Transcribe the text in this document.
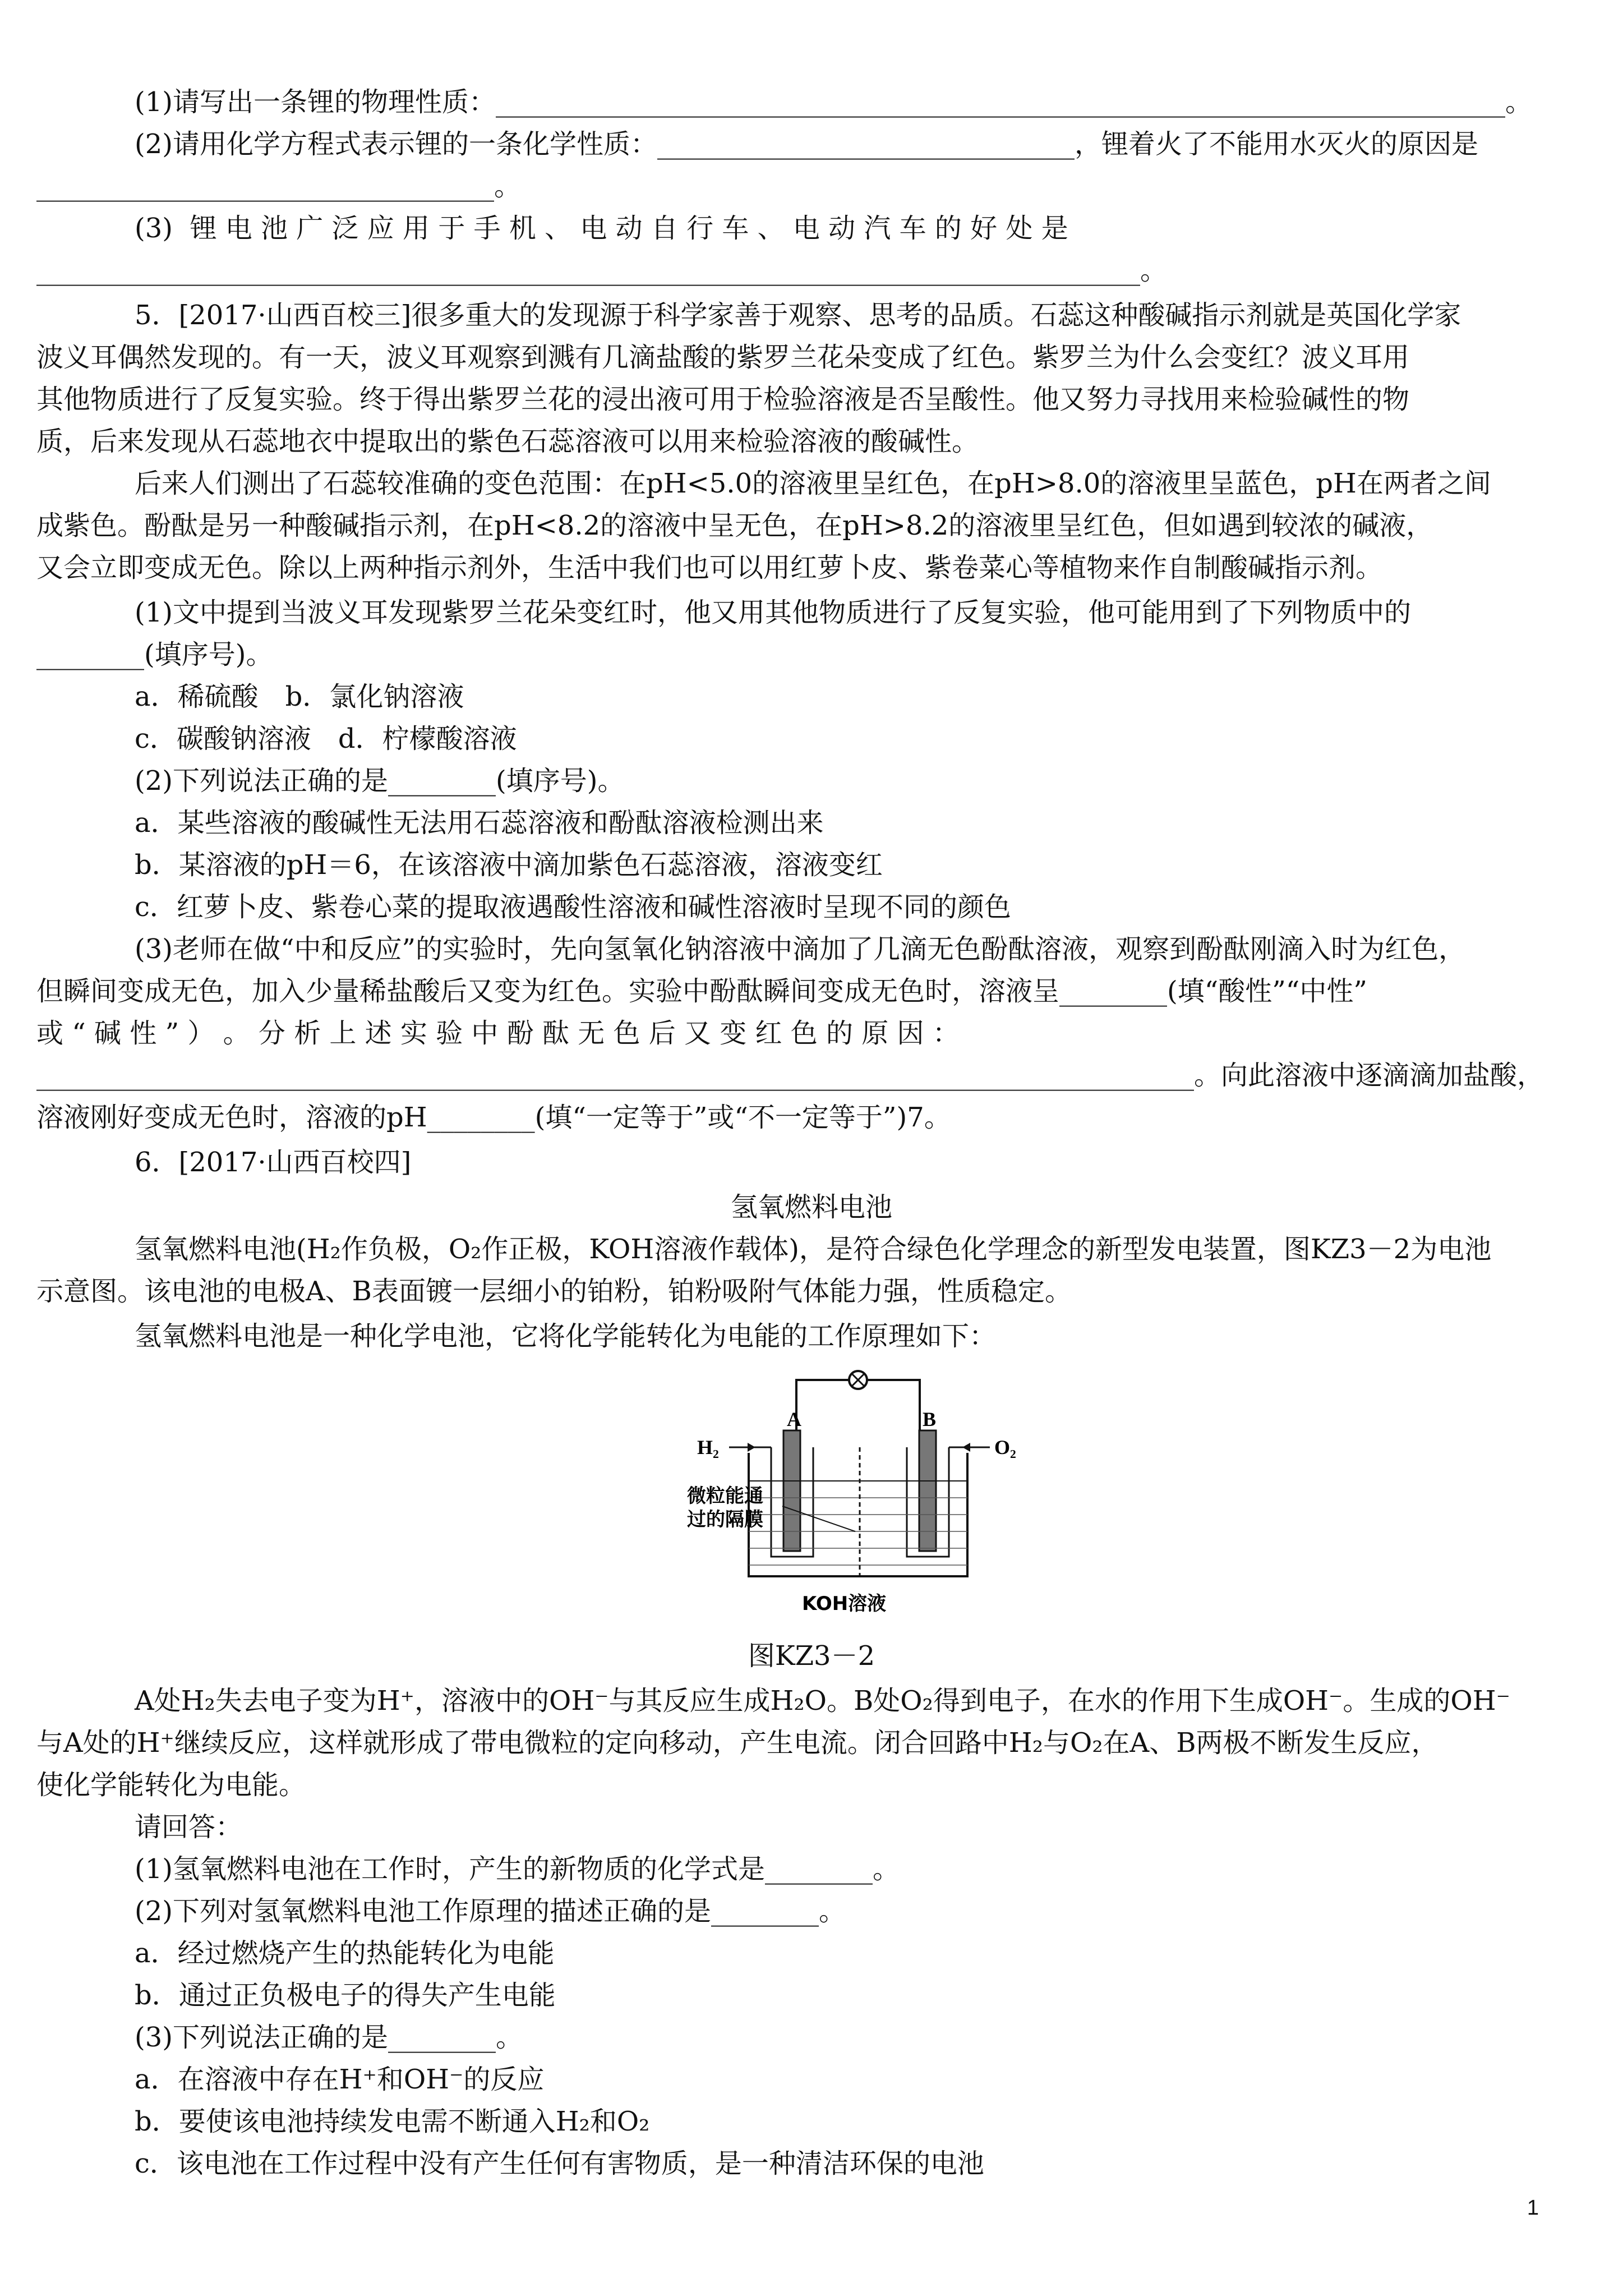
(1)请写出一条锂的物理性质：___________________________________________________________________________。
(2)请用化学方程式表示锂的一条化学性质：_______________________________，锂着火了不能用水灭火的原因是
__________________________________。
(3)  锂 电 池 广 泛 应 用 于 手 机 、 电 动 自 行 车 、 电 动 汽 车 的 好 处 是
__________________________________________________________________________________。
5．[2017·山西百校三]很多重大的发现源于科学家善于观察、思考的品质。石蕊这种酸碱指示剂就是英国化学家
波义耳偶然发现的。有一天，波义耳观察到溅有几滴盐酸的紫罗兰花朵变成了红色。紫罗兰为什么会变红？波义耳用
其他物质进行了反复实验。终于得出紫罗兰花的浸出液可用于检验溶液是否呈酸性。他又努力寻找用来检验碱性的物
质，后来发现从石蕊地衣中提取出的紫色石蕊溶液可以用来检验溶液的酸碱性。
后来人们测出了石蕊较准确的变色范围：在pH<5.0的溶液里呈红色，在pH>8.0的溶液里呈蓝色，pH在两者之间
成紫色。酚酞是另一种酸碱指示剂，在pH<8.2的溶液中呈无色，在pH>8.2的溶液里呈红色，但如遇到较浓的碱液，
又会立即变成无色。除以上两种指示剂外，生活中我们也可以用红萝卜皮、紫卷菜心等植物来作自制酸碱指示剂。
(1)文中提到当波义耳发现紫罗兰花朵变红时，他又用其他物质进行了反复实验，他可能用到了下列物质中的
________(填序号)。
a．稀硫酸　b．氯化钠溶液
c．碳酸钠溶液　d．柠檬酸溶液
(2)下列说法正确的是________(填序号)。
a．某些溶液的酸碱性无法用石蕊溶液和酚酞溶液检测出来
b．某溶液的pH＝6，在该溶液中滴加紫色石蕊溶液，溶液变红
c．红萝卜皮、紫卷心菜的提取液遇酸性溶液和碱性溶液时呈现不同的颜色
(3)老师在做“中和反应”的实验时，先向氢氧化钠溶液中滴加了几滴无色酚酞溶液，观察到酚酞刚滴入时为红色，
但瞬间变成无色，加入少量稀盐酸后又变为红色。实验中酚酞瞬间变成无色时，溶液呈________(填“酸性”“中性”
或 “ 碱 性 ” ） 。 分 析 上 述 实 验 中 酚 酞 无 色 后 又 变 红 色 的 原 因 ：
______________________________________________________________________________________。向此溶液中逐滴滴加盐酸，
溶液刚好变成无色时，溶液的pH________(填“一定等于”或“不一定等于”)7。
6．[2017·山西百校四]
氢氧燃料电池
氢氧燃料电池(H₂作负极，O₂作正极，KOH溶液作载体)，是符合绿色化学理念的新型发电装置，图KZ3－2为电池
示意图。该电池的电极A、B表面镀一层细小的铂粉，铂粉吸附气体能力强，性质稳定。
氢氧燃料电池是一种化学电池，它将化学能转化为电能的工作原理如下：
H₂	O₂
A	B
微粒能通
过的隔膜
KOH溶液
图KZ3－2
A处H₂失去电子变为H⁺，溶液中的OH⁻与其反应生成H₂O。B处O₂得到电子，在水的作用下生成OH⁻。生成的OH⁻
与A处的H⁺继续反应，这样就形成了带电微粒的定向移动，产生电流。闭合回路中H₂与O₂在A、B两极不断发生反应，
使化学能转化为电能。
请回答：
(1)氢氧燃料电池在工作时，产生的新物质的化学式是________。
(2)下列对氢氧燃料电池工作原理的描述正确的是________。
a．经过燃烧产生的热能转化为电能
b．通过正负极电子的得失产生电能
(3)下列说法正确的是________。
a．在溶液中存在H⁺和OH⁻的反应
b．要使该电池持续发电需不断通入H₂和O₂
c．该电池在工作过程中没有产生任何有害物质，是一种清洁环保的电池
1
